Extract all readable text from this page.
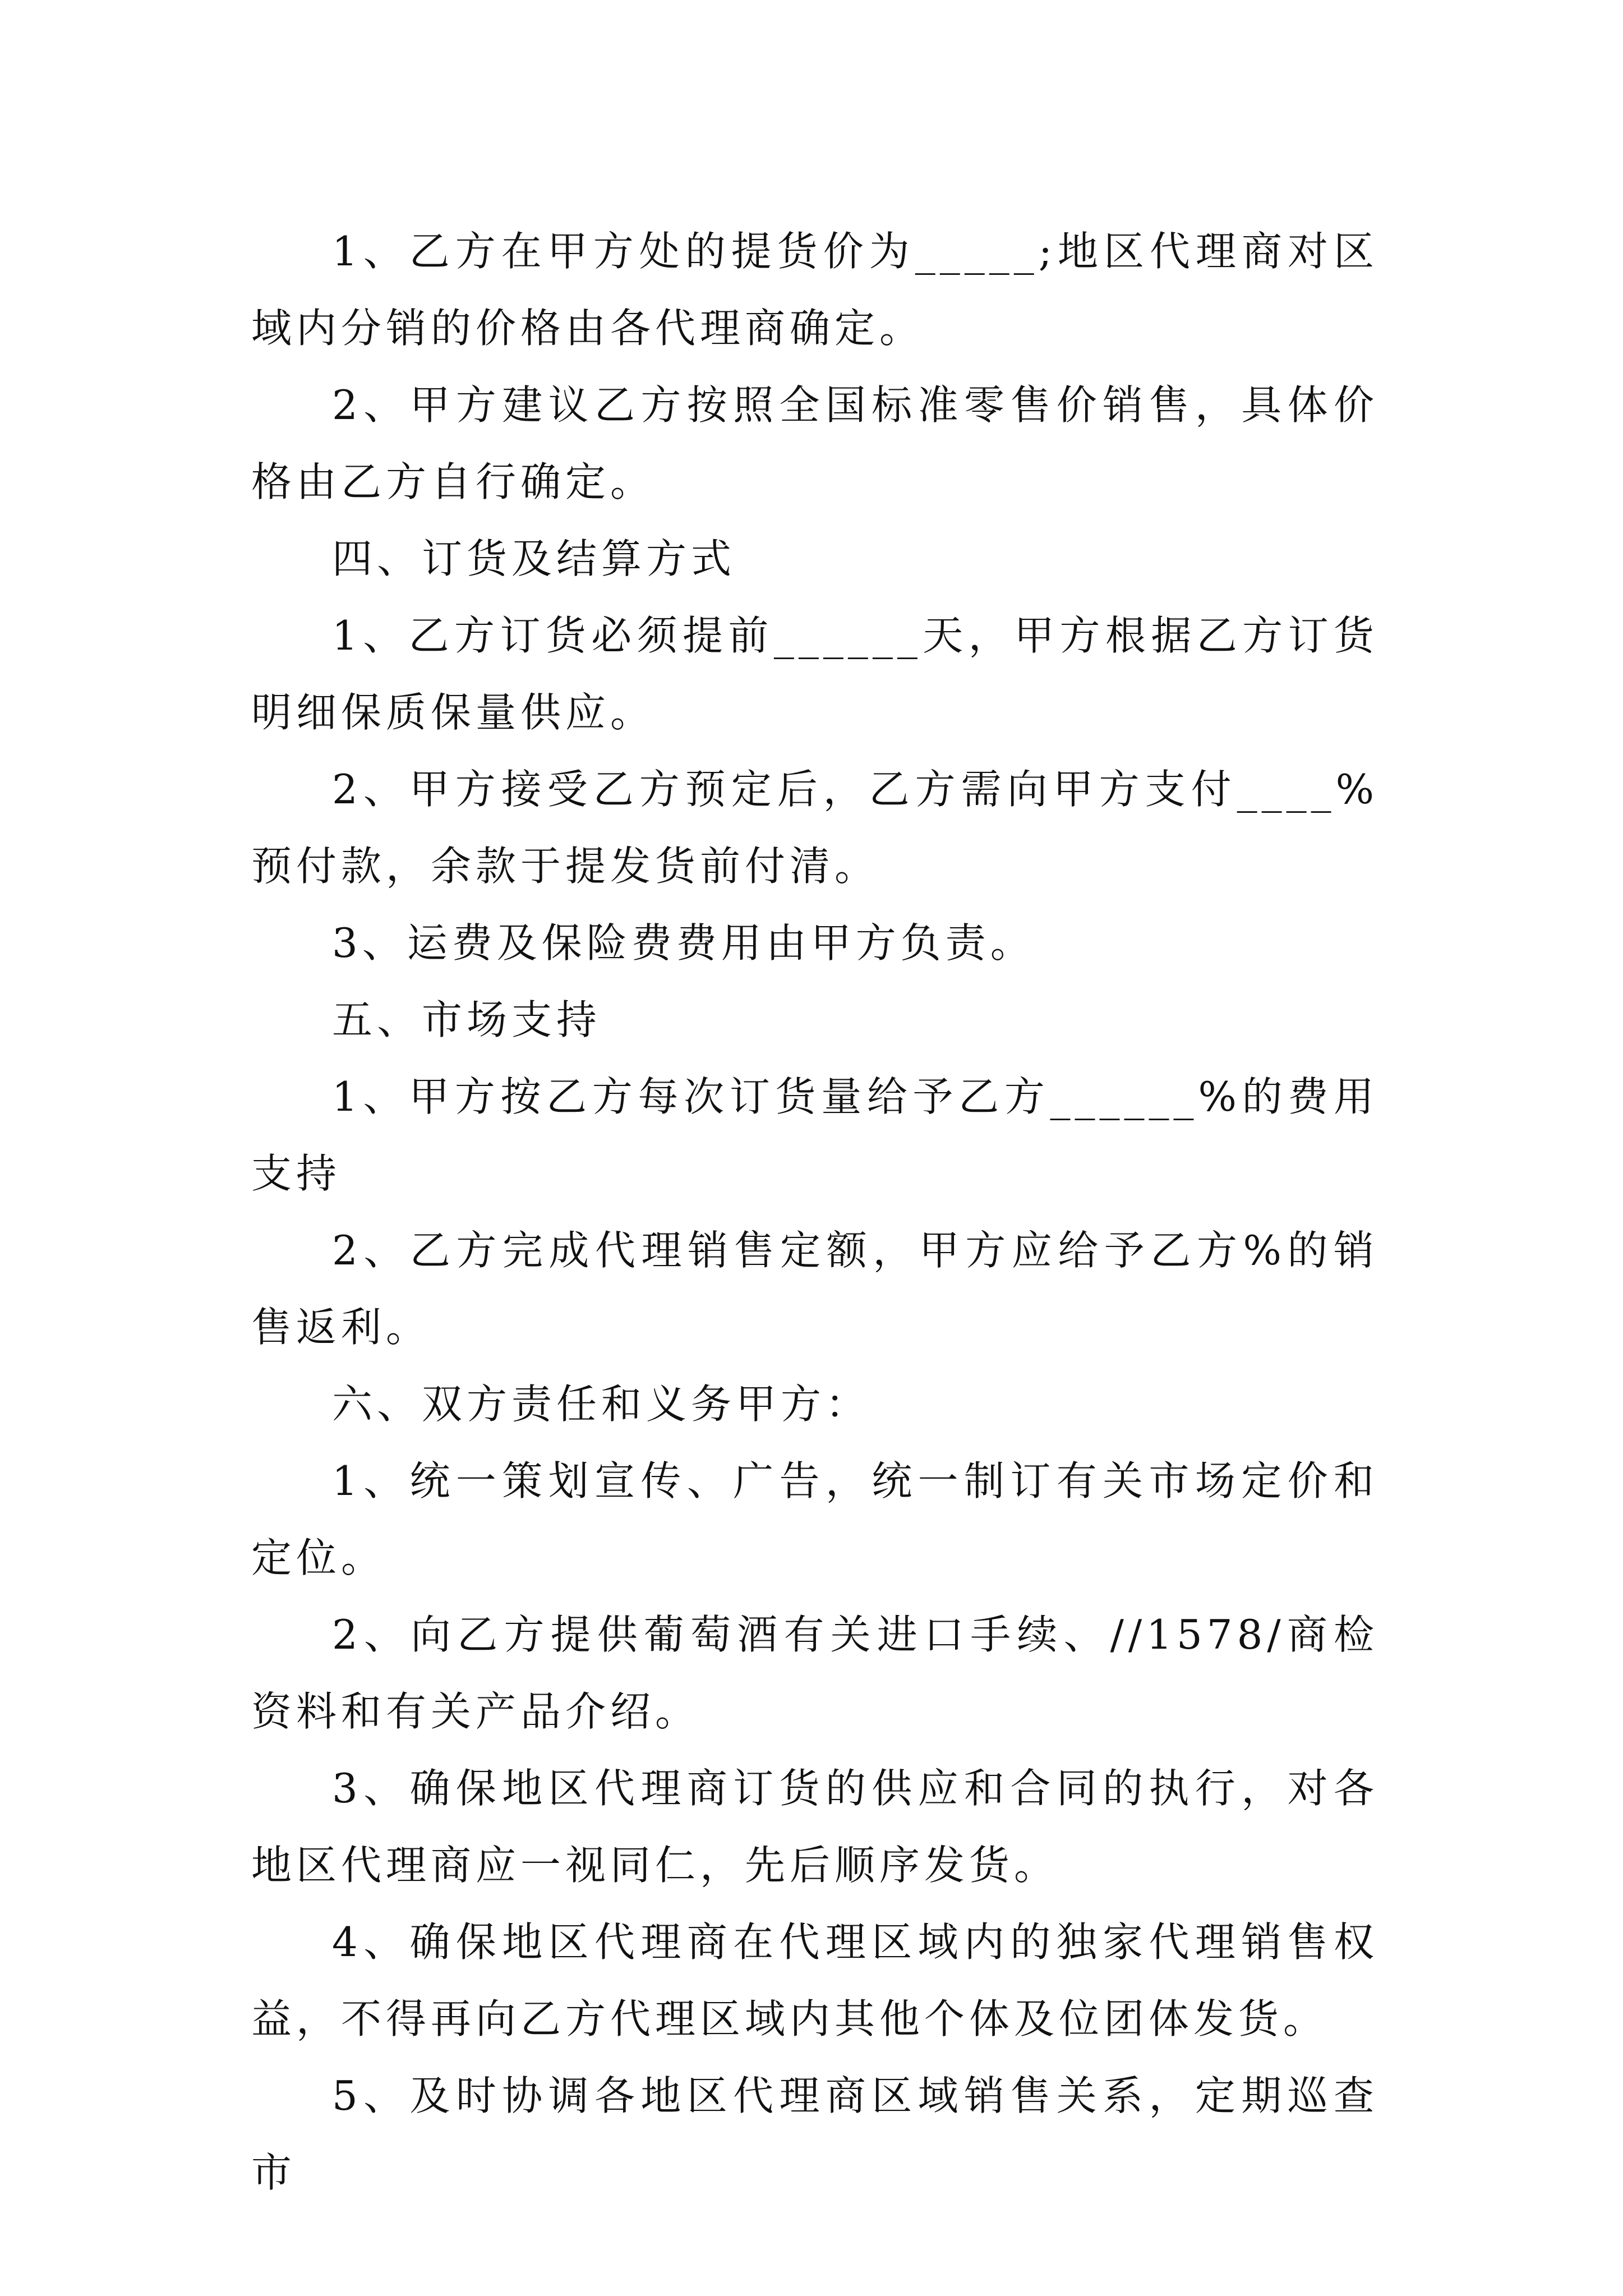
1、乙方在甲方处的提货价为_____;地区代理商对区域内分销的价格由各代理商确定。

2、甲方建议乙方按照全国标准零售价销售，具体价格由乙方自行确定。

四、订货及结算方式

1、乙方订货必须提前______天，甲方根据乙方订货明细保质保量供应。

2、甲方接受乙方预定后，乙方需向甲方支付____%预付款，余款于提发货前付清。

3、运费及保险费费用由甲方负责。

五、市场支持

1、甲方按乙方每次订货量给予乙方______%的费用支持

2、乙方完成代理销售定额，甲方应给予乙方%的销售返利。

六、双方责任和义务甲方：

1、统一策划宣传、广告，统一制订有关市场定价和定位。

2、向乙方提供葡萄酒有关进口手续、//1578/商检资料和有关产品介绍。

3、确保地区代理商订货的供应和合同的执行，对各地区代理商应一视同仁，先后顺序发货。

4、确保地区代理商在代理区域内的独家代理销售权益，不得再向乙方代理区域内其他个体及位团体发货。

5、及时协调各地区代理商区域销售关系，定期巡查市
